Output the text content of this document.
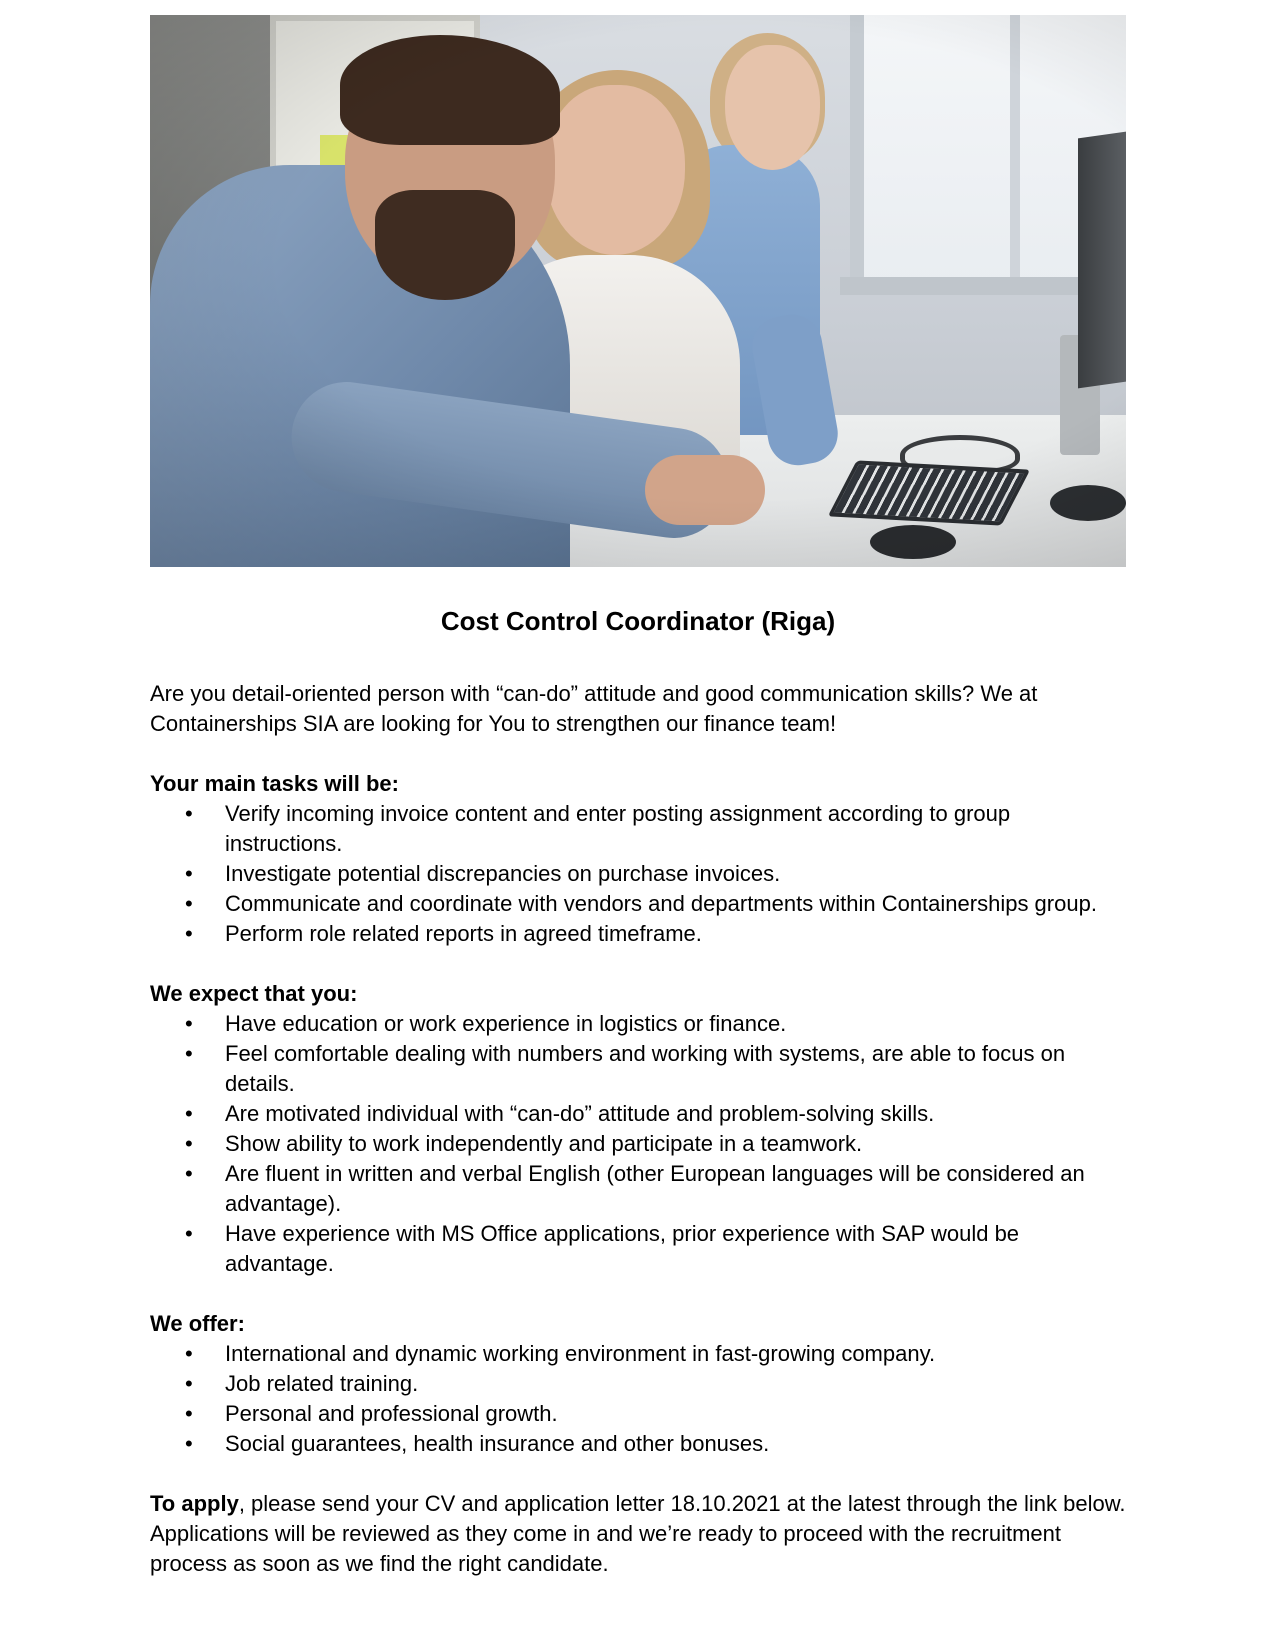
Cost Control Coordinator (Riga)

Are you detail-oriented person with “can-do” attitude and good communication skills? We at Containerships SIA are looking for You to strengthen our finance team!

Your main tasks will be:
• Verify incoming invoice content and enter posting assignment according to group instructions.
• Investigate potential discrepancies on purchase invoices.
• Communicate and coordinate with vendors and departments within Containerships group.
• Perform role related reports in agreed timeframe.
We expect that you:
• Have education or work experience in logistics or finance.
• Feel comfortable dealing with numbers and working with systems, are able to focus on details.
• Are motivated individual with “can-do” attitude and problem-solving skills.
• Show ability to work independently and participate in a teamwork.
• Are fluent in written and verbal English (other European languages will be considered an advantage).
• Have experience with MS Office applications, prior experience with SAP would be advantage.
We offer:
• International and dynamic working environment in fast-growing company.
• Job related training.
• Personal and professional growth.
• Social guarantees, health insurance and other bonuses.

To apply, please send your CV and application letter 18.10.2021 at the latest through the link below. Applications will be reviewed as they come in and we’re ready to proceed with the recruitment process as soon as we find the right candidate.
